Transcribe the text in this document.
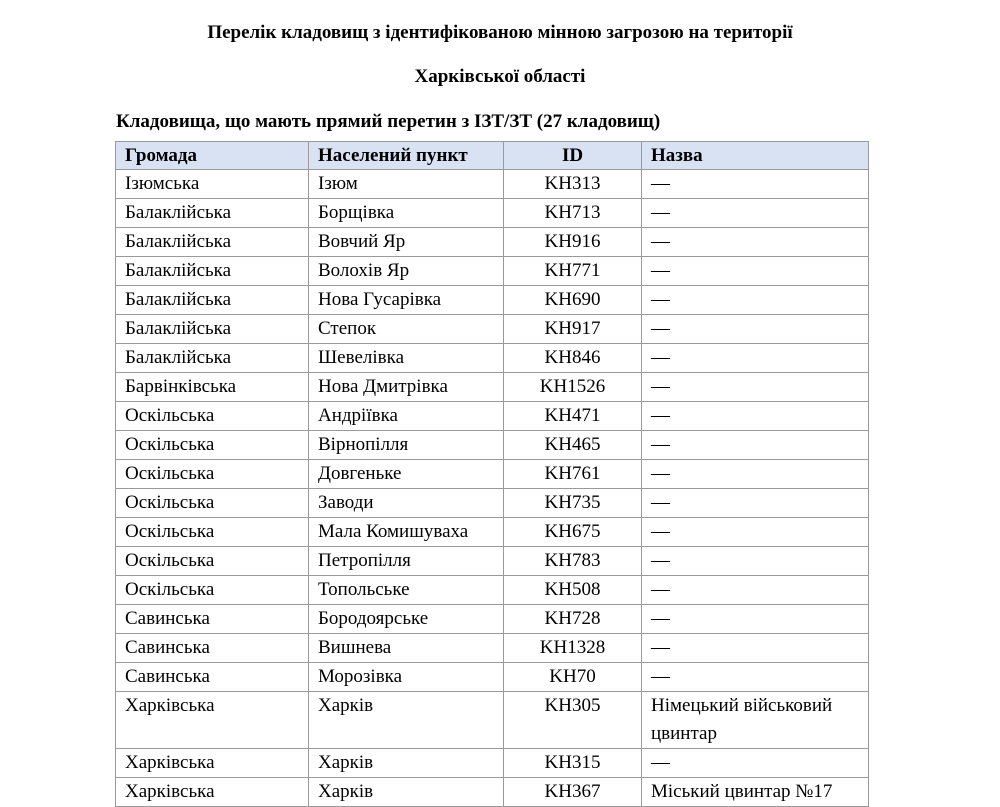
Перелік кладовищ з ідентифікованою мінною загрозою на території
Харківської області
Кладовища, що мають прямий перетин з ІЗТ/ЗТ (27 кладовищ)
Громада	Населений пункт	ID	Назва
Ізюмська	Ізюм	KH313	—
Балаклійська	Борщівка	KH713	—
Балаклійська	Вовчий Яр	KH916	—
Балаклійська	Волохів Яр	KH771	—
Балаклійська	Нова Гусарівка	KH690	—
Балаклійська	Степок	KH917	—
Балаклійська	Шевелівка	KH846	—
Барвінківська	Нова Дмитрівка	KH1526	—
Оскільська	Андріївка	KH471	—
Оскільська	Вірнопілля	KH465	—
Оскільська	Довгеньке	KH761	—
Оскільська	Заводи	KH735	—
Оскільська	Мала Комишуваха	KH675	—
Оскільська	Петропілля	KH783	—
Оскільська	Топольське	KH508	—
Савинська	Бородоярське	KH728	—
Савинська	Вишнева	KH1328	—
Савинська	Морозівка	KH70	—
Харківська	Харків	KH305	Німецький військовий цвинтар
Харківська	Харків	KH315	—
Харківська	Харків	KH367	Міський цвинтар №17
